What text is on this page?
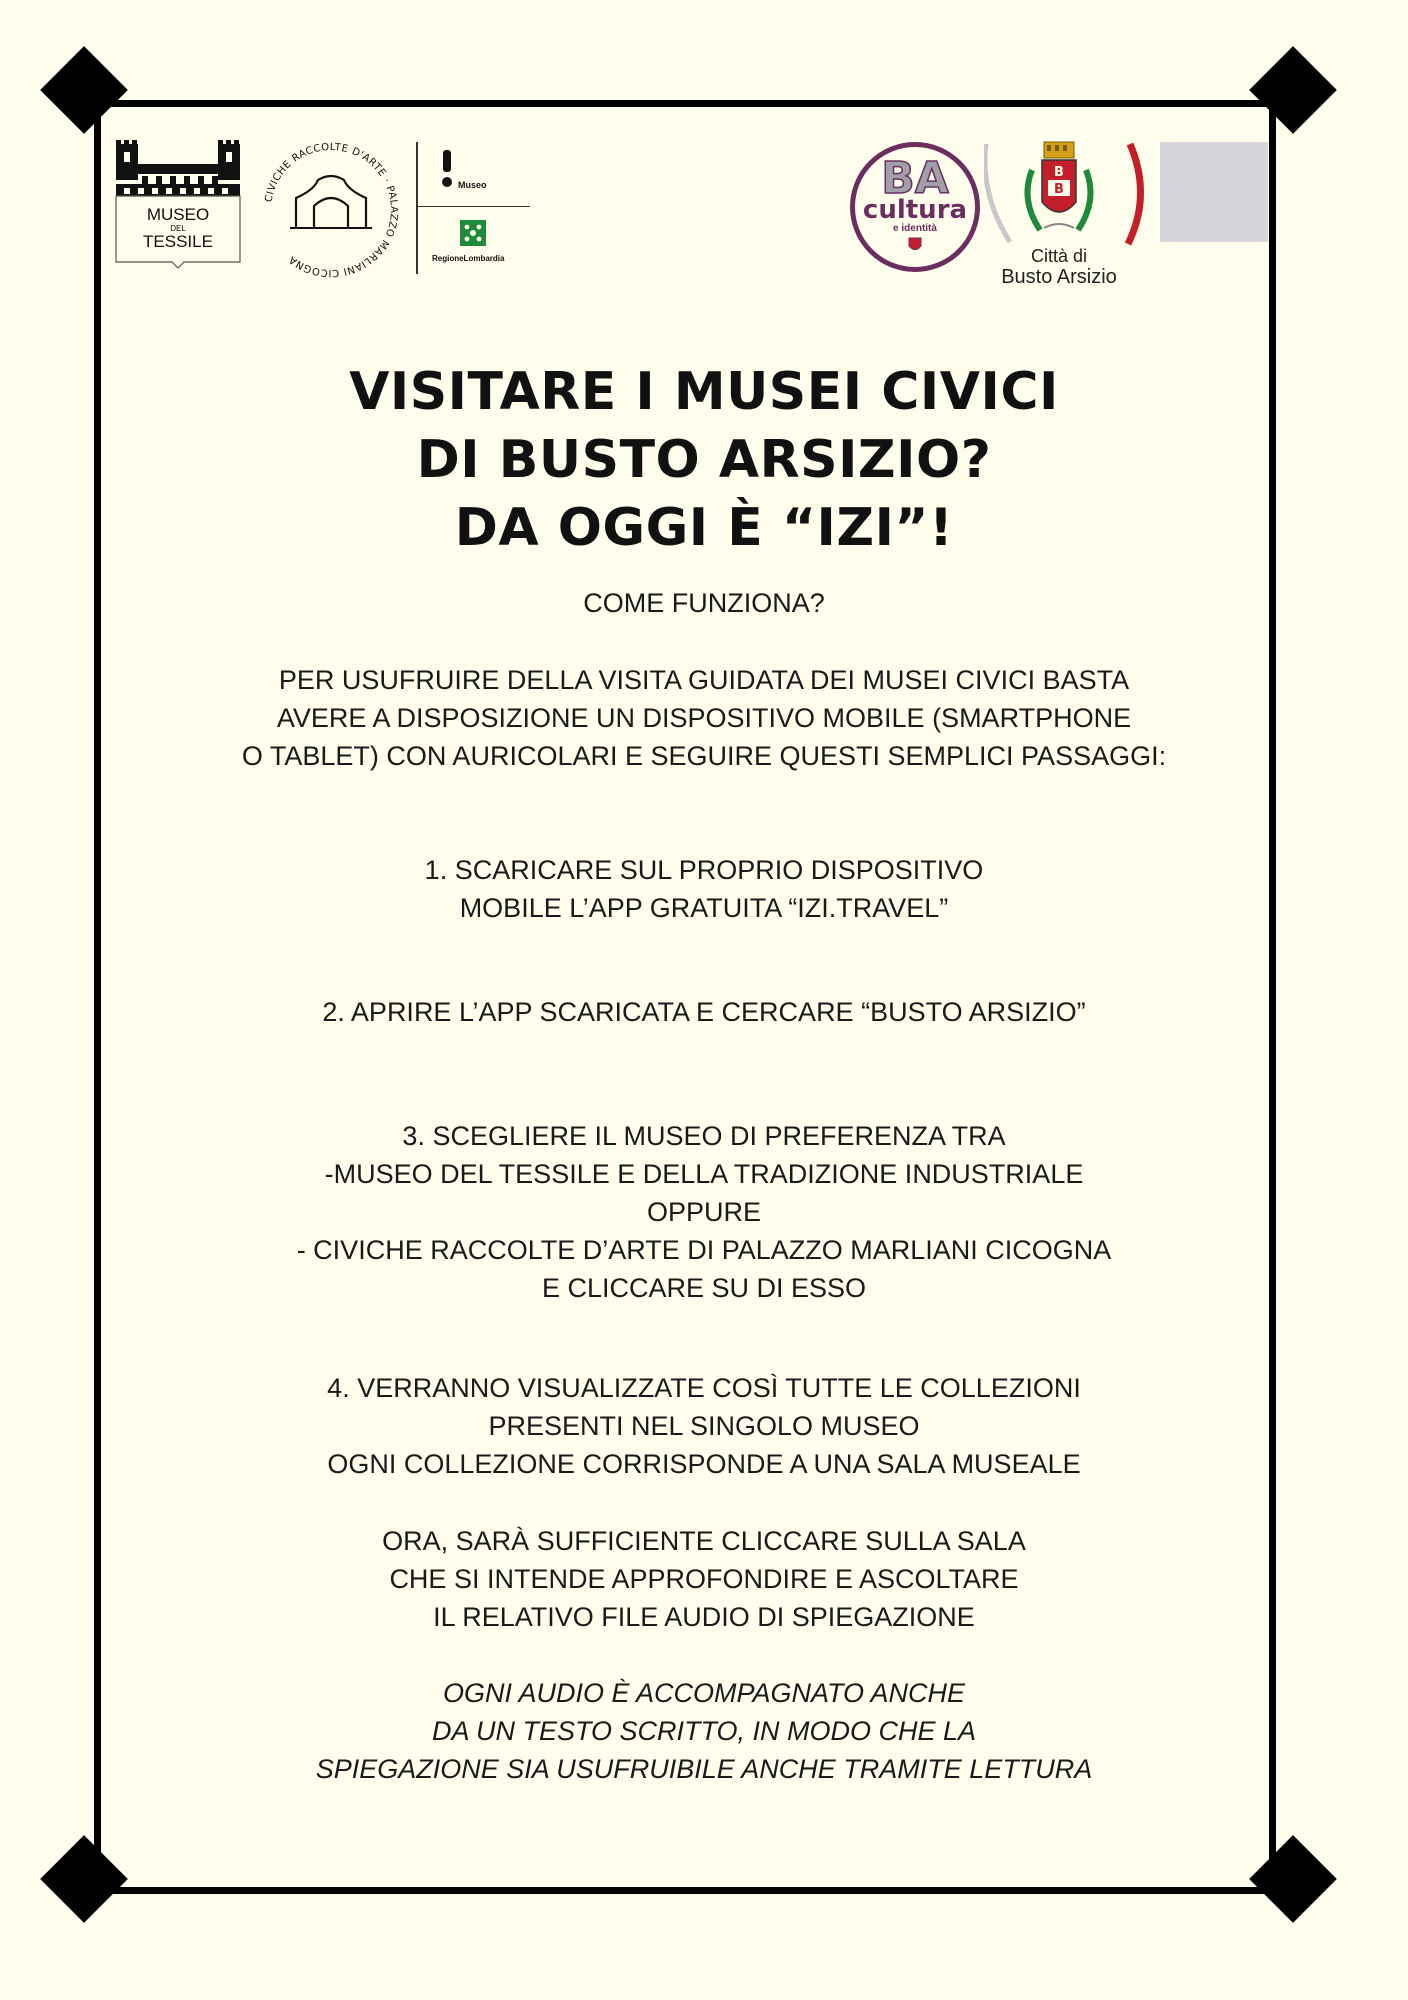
MUSEO
DEL
TESSILE
CIVICHE RACCOLTE D'ARTE · PALAZZO MARLIANI CICOGNA
Museo
RegioneLombardia
BA
cultura
e identità
B
B
Città di
Busto Arsizio
VISITARE I MUSEI CIVICI
DI BUSTO ARSIZIO?
DA OGGI È “IZI”!
COME FUNZIONA?
PER USUFRUIRE DELLA VISITA GUIDATA DEI MUSEI CIVICI BASTA
AVERE A DISPOSIZIONE UN DISPOSITIVO MOBILE (SMARTPHONE
O TABLET) CON AURICOLARI E SEGUIRE QUESTI SEMPLICI PASSAGGI:
1. SCARICARE SUL PROPRIO DISPOSITIVO
MOBILE L’APP GRATUITA “IZI.TRAVEL”
2. APRIRE L’APP SCARICATA E CERCARE “BUSTO ARSIZIO”
3. SCEGLIERE IL MUSEO DI PREFERENZA TRA
-MUSEO DEL TESSILE E DELLA TRADIZIONE INDUSTRIALE
OPPURE
- CIVICHE RACCOLTE D’ARTE DI PALAZZO MARLIANI CICOGNA
E CLICCARE SU DI ESSO
4. VERRANNO VISUALIZZATE COSÌ TUTTE LE COLLEZIONI
PRESENTI NEL SINGOLO MUSEO
OGNI COLLEZIONE CORRISPONDE A UNA SALA MUSEALE
ORA, SARÀ SUFFICIENTE CLICCARE SULLA SALA
CHE SI INTENDE APPROFONDIRE E ASCOLTARE
IL RELATIVO FILE AUDIO DI SPIEGAZIONE
OGNI AUDIO È ACCOMPAGNATO ANCHE
DA UN TESTO SCRITTO, IN MODO CHE LA
SPIEGAZIONE SIA USUFRUIBILE ANCHE TRAMITE LETTURA
